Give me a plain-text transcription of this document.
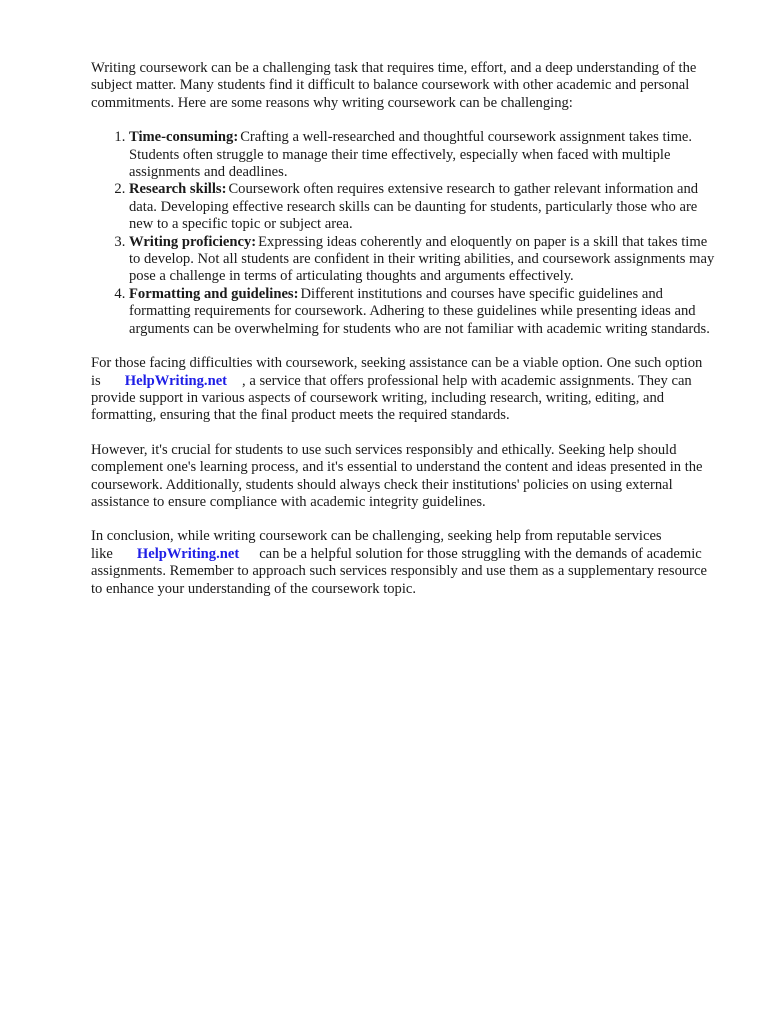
Writing coursework can be a challenging task that requires time, effort, and a deep understanding of the subject matter. Many students find it difficult to balance coursework with other academic and personal commitments. Here are some reasons why writing coursework can be challenging:

1. Time-consuming: Crafting a well-researched and thoughtful coursework assignment takes time. Students often struggle to manage their time effectively, especially when faced with multiple assignments and deadlines.
2. Research skills: Coursework often requires extensive research to gather relevant information and data. Developing effective research skills can be daunting for students, particularly those who are new to a specific topic or subject area.
3. Writing proficiency: Expressing ideas coherently and eloquently on paper is a skill that takes time to develop. Not all students are confident in their writing abilities, and coursework assignments may pose a challenge in terms of articulating thoughts and arguments effectively.
4. Formatting and guidelines: Different institutions and courses have specific guidelines and formatting requirements for coursework. Adhering to these guidelines while presenting ideas and arguments can be overwhelming for students who are not familiar with academic writing standards.

For those facing difficulties with coursework, seeking assistance can be a viable option. One such option is HelpWriting.net , a service that offers professional help with academic assignments. They can provide support in various aspects of coursework writing, including research, writing, editing, and formatting, ensuring that the final product meets the required standards.

However, it's crucial for students to use such services responsibly and ethically. Seeking help should complement one's learning process, and it's essential to understand the content and ideas presented in the coursework. Additionally, students should always check their institutions' policies on using external assistance to ensure compliance with academic integrity guidelines.

In conclusion, while writing coursework can be challenging, seeking help from reputable services like HelpWriting.net can be a helpful solution for those struggling with the demands of academic assignments. Remember to approach such services responsibly and use them as a supplementary resource to enhance your understanding of the coursework topic.
